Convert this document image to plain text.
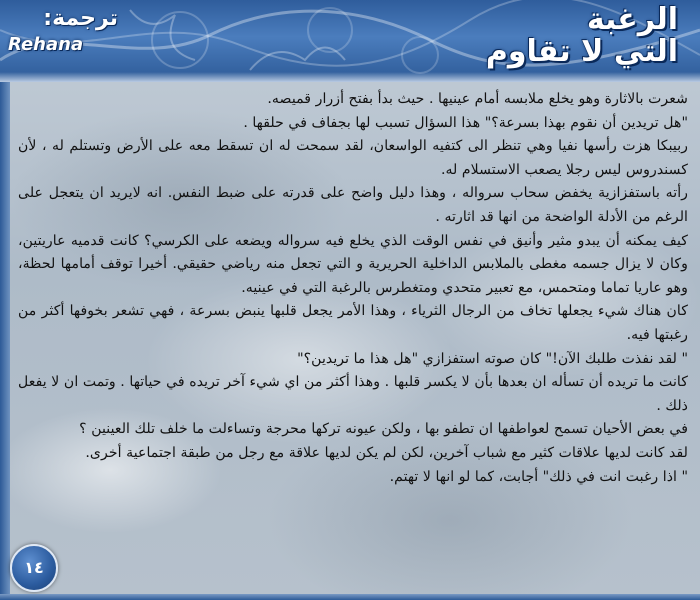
الرغبة
التي لا تقاوم
ترجمة:
Rehana

شعرت بالاثارة وهو يخلع ملابسه أمام عينيها . حيث بدأ بفتح أزرار قميصه.

"هل تريدين أن نقوم بهذا بسرعة؟" هذا السؤال تسبب لها بجفاف في حلقها .

ربيبكا هزت رأسها نفيا وهي تنظر الى كتفيه الواسعان، لقد سمحت له ان تسقط معه على الأرض وتستلم له ، لأن كسندروس ليس رجلا يصعب الاستسلام له.

رأته باستفزازية يخفض سحاب سرواله ، وهذا دليل واضح على قدرته على ضبط النفس. انه لايريد ان يتعجل على الرغم من الأدلة الواضحة من انها قد اثارته .

كيف يمكنه أن يبدو مثير وأنيق في نفس الوقت الذي يخلع فيه سرواله ويضعه على الكرسي؟ كانت قدميه عاريتين، وكان لا يزال جسمه مغطى بالملابس الداخلية الحريرية و التي تجعل منه رياضي حقيقي. أخيرا توقف أمامها لحظة، وهو عاريا تماما ومتحمس، مع تعبير متحدي ومتغطرس بالرغبة التي في عينيه.

كان هناك شيء يجعلها تخاف من الرجال الثرياء ، وهذا الأمر يجعل قلبها ينبض بسرعة ، فهي تشعر بخوفها أكثر من رغبتها فيه.

" لقد نفذت طلبك الآن!" كان صوته استفزازي "هل هذا ما تريدين؟"

كانت ما تريده أن تسأله ان بعدها بأن لا يكسر قلبها . وهذا أكثر من اي شيء آخر تريده في حياتها . وتمت ان لا يفعل ذلك .

في بعض الأحيان تسمح لعواطفها ان تطفو بها ، ولكن عيونه تركها محرجة وتساءلت ما خلف تلك العينين ؟

لقد كانت لديها علاقات كثير مع شباب آخرين، لكن لم يكن لديها علاقة مع رجل من طبقة اجتماعية أخرى.

" اذا رغبت انت في ذلك" أجابت، كما لو انها لا تهتم.

١٤
